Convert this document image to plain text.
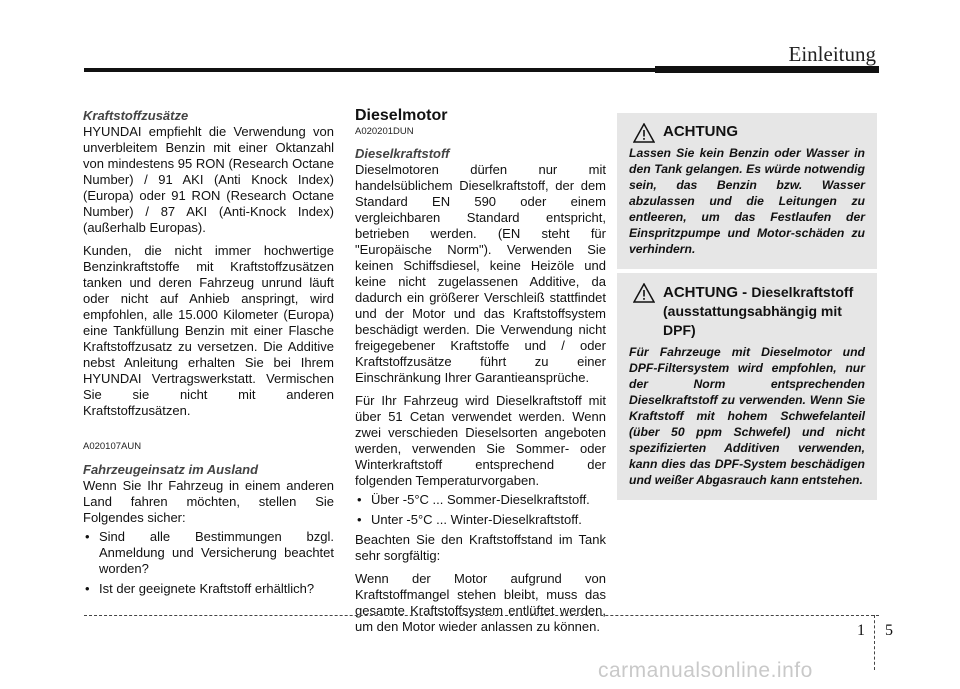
Einleitung

Kraftstoffzusätze

HYUNDAI empfiehlt die Verwendung von unverbleitem Benzin mit einer Oktanzahl von mindestens 95 RON (Research Octane Number) / 91 AKI (Anti Knock Index) (Europa) oder 91 RON (Research Octane Number) / 87 AKI (Anti-Knock Index) (außerhalb Europas).

Kunden, die nicht immer hochwertige Benzinkraftstoffe mit Kraftstoffzusätzen tanken und deren Fahrzeug unrund läuft oder nicht auf Anhieb anspringt, wird empfohlen, alle 15.000 Kilometer (Europa) eine Tankfüllung Benzin mit einer Flasche Kraftstoffzusatz zu versetzen. Die Additive nebst Anleitung erhalten Sie bei Ihrem HYUNDAI Vertragswerkstatt. Vermischen Sie sie nicht mit anderen Kraftstoffzusätzen.

A020107AUN

Fahrzeugeinsatz im Ausland

Wenn Sie Ihr Fahrzeug in einem anderen Land fahren möchten, stellen Sie Folgendes sicher:

• Sind alle Bestimmungen bzgl. Anmeldung und Versicherung beachtet worden?
• Ist der geeignete Kraftstoff erhältlich?

Dieselmotor

A020201DUN

Dieselkraftstoff

Dieselmotoren dürfen nur mit handelsüblichem Dieselkraftstoff, der dem Standard EN 590 oder einem vergleichbaren Standard entspricht, betrieben werden. (EN steht für "Europäische Norm"). Verwenden Sie keinen Schiffsdiesel, keine Heizöle und keine nicht zugelassenen Additive, da dadurch ein größerer Verschleiß stattfindet und der Motor und das Kraftstoffsystem beschädigt werden. Die Verwendung nicht freigegebener Kraftstoffe und / oder Kraftstoffzusätze führt zu einer Einschränkung Ihrer Garantieansprüche.

Für Ihr Fahrzeug wird Dieselkraftstoff mit über 51 Cetan verwendet werden. Wenn zwei verschieden Dieselsorten angeboten werden, verwenden Sie Sommer- oder Winterkraftstoff entsprechend der folgenden Temperaturvorgaben.

• Über -5°C ... Sommer-Dieselkraftstoff.
• Unter -5°C ... Winter-Dieselkraftstoff.

Beachten Sie den Kraftstoffstand im Tank sehr sorgfältig:

Wenn der Motor aufgrund von Kraftstoffmangel stehen bleibt, muss das gesamte Kraftstoffsystem entlüftet werden, um den Motor wieder anlassen zu können.

ACHTUNG

Lassen Sie kein Benzin oder Wasser in den Tank gelangen. Es würde notwendig sein, das Benzin bzw. Wasser abzulassen und die Leitungen zu entleeren, um das Festlaufen der Einspritzpumpe und Motor-schäden zu verhindern.

ACHTUNG - Dieselkraftstoff (ausstattungsabhängig mit DPF)

Für Fahrzeuge mit Dieselmotor und DPF-Filtersystem wird empfohlen, nur der Norm entsprechenden Dieselkraftstoff zu verwenden. Wenn Sie Kraftstoff mit hohem Schwefelanteil (über 50 ppm Schwefel) und nicht spezifizierten Additiven verwenden, kann dies das DPF-System beschädigen und weißer Abgasrauch kann entstehen.

1 5
carmanualsonline.info
